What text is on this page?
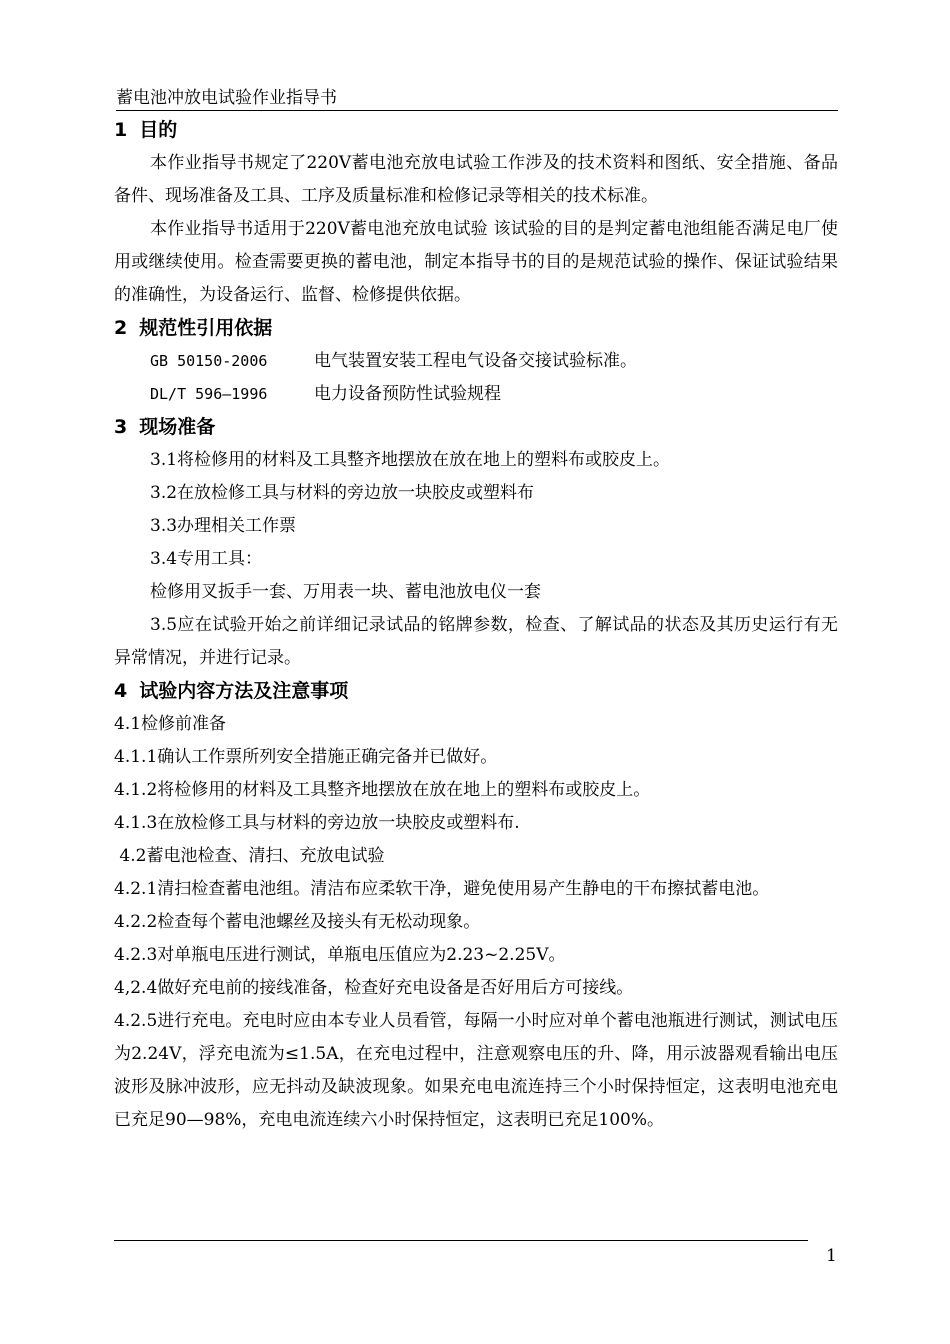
蓄电池冲放电试验作业指导书
1 目的

本作业指导书规定了220V蓄电池充放电试验工作涉及的技术资料和图纸、安全措施、备品备件、现场准备及工具、工序及质量标准和检修记录等相关的技术标准。

本作业指导书适用于220V蓄电池充放电试验 该试验的目的是判定蓄电池组能否满足电厂使用或继续使用。检查需要更换的蓄电池，制定本指导书的目的是规范试验的操作、保证试验结果的准确性，为设备运行、监督、检修提供依据。

2 规范性引用依据

GB 50150-2006	电气装置安装工程电气设备交接试验标准。

DL/T 596—1996	电力设备预防性试验规程

3 现场准备

3.1将检修用的材料及工具整齐地摆放在放在地上的塑料布或胶皮上。

3.2在放检修工具与材料的旁边放一块胶皮或塑料布

3.3办理相关工作票

3.4专用工具：

检修用叉扳手一套、万用表一块、蓄电池放电仪一套

3.5应在试验开始之前详细记录试品的铭牌参数，检查、了解试品的状态及其历史运行有无异常情况，并进行记录。

4 试验内容方法及注意事项

4.1检修前准备

4.1.1确认工作票所列安全措施正确完备并已做好。

4.1.2将检修用的材料及工具整齐地摆放在放在地上的塑料布或胶皮上。

4.1.3在放检修工具与材料的旁边放一块胶皮或塑料布.

4.2蓄电池检查、清扫、充放电试验

4.2.1清扫检查蓄电池组。清洁布应柔软干净，避免使用易产生静电的干布擦拭蓄电池。

4.2.2检查每个蓄电池螺丝及接头有无松动现象。

4.2.3对单瓶电压进行测试，单瓶电压值应为2.23~2.25V。

4,2.4做好充电前的接线准备，检查好充电设备是否好用后方可接线。

4.2.5进行充电。充电时应由本专业人员看管，每隔一小时应对单个蓄电池瓶进行测试，测试电压为2.24V，浮充电流为≤1.5A，在充电过程中，注意观察电压的升、降，用示波器观看输出电压波形及脉冲波形，应无抖动及缺波现象。如果充电电流连持三个小时保持恒定，这表明电池充电已充足90—98%，充电电流连续六小时保持恒定，这表明已充足100%。

1
